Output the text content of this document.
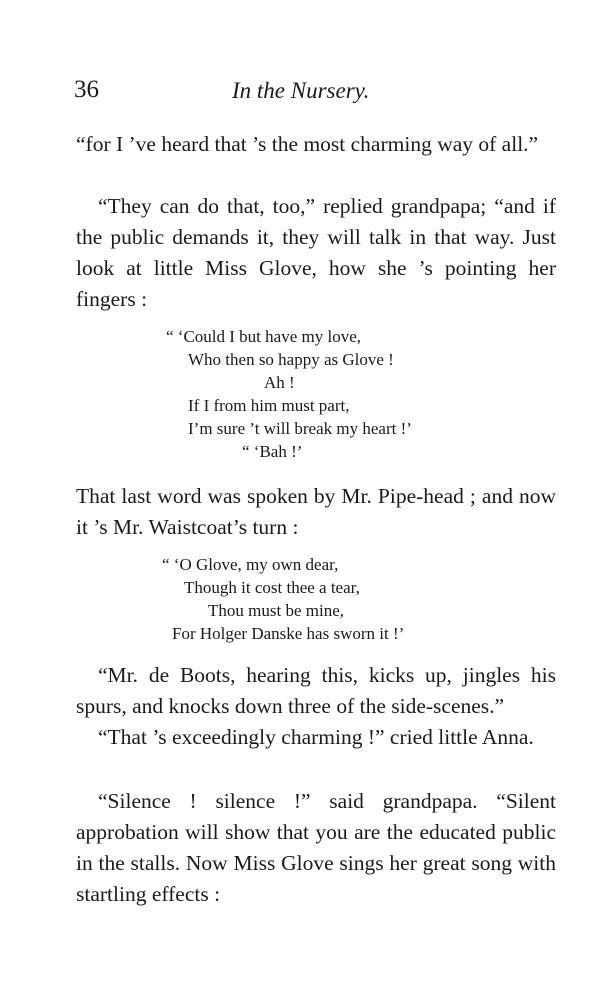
36	In the Nursery.

“for I ’ve heard that ’s the most charming way of all.”

“They can do that, too,” replied grandpapa; “and if the public demands it, they will talk in that way. Just look at little Miss Glove, how she ’s pointing her fingers :

“ ‘Could I but have my love,
Who then so happy as Glove !
Ah !
If I from him must part,
I’m sure ’t will break my heart !’
“ ‘Bah !’

That last word was spoken by Mr. Pipe-head ; and now it ’s Mr. Waistcoat’s turn :

“ ‘O Glove, my own dear,
Though it cost thee a tear,
Thou must be mine,
For Holger Danske has sworn it !’

“Mr. de Boots, hearing this, kicks up, jingles his spurs, and knocks down three of the side-scenes.”

“That ’s exceedingly charming !” cried little Anna.

“Silence ! silence !” said grandpapa. “Silent approbation will show that you are the educated public in the stalls. Now Miss Glove sings her great song with startling effects :
